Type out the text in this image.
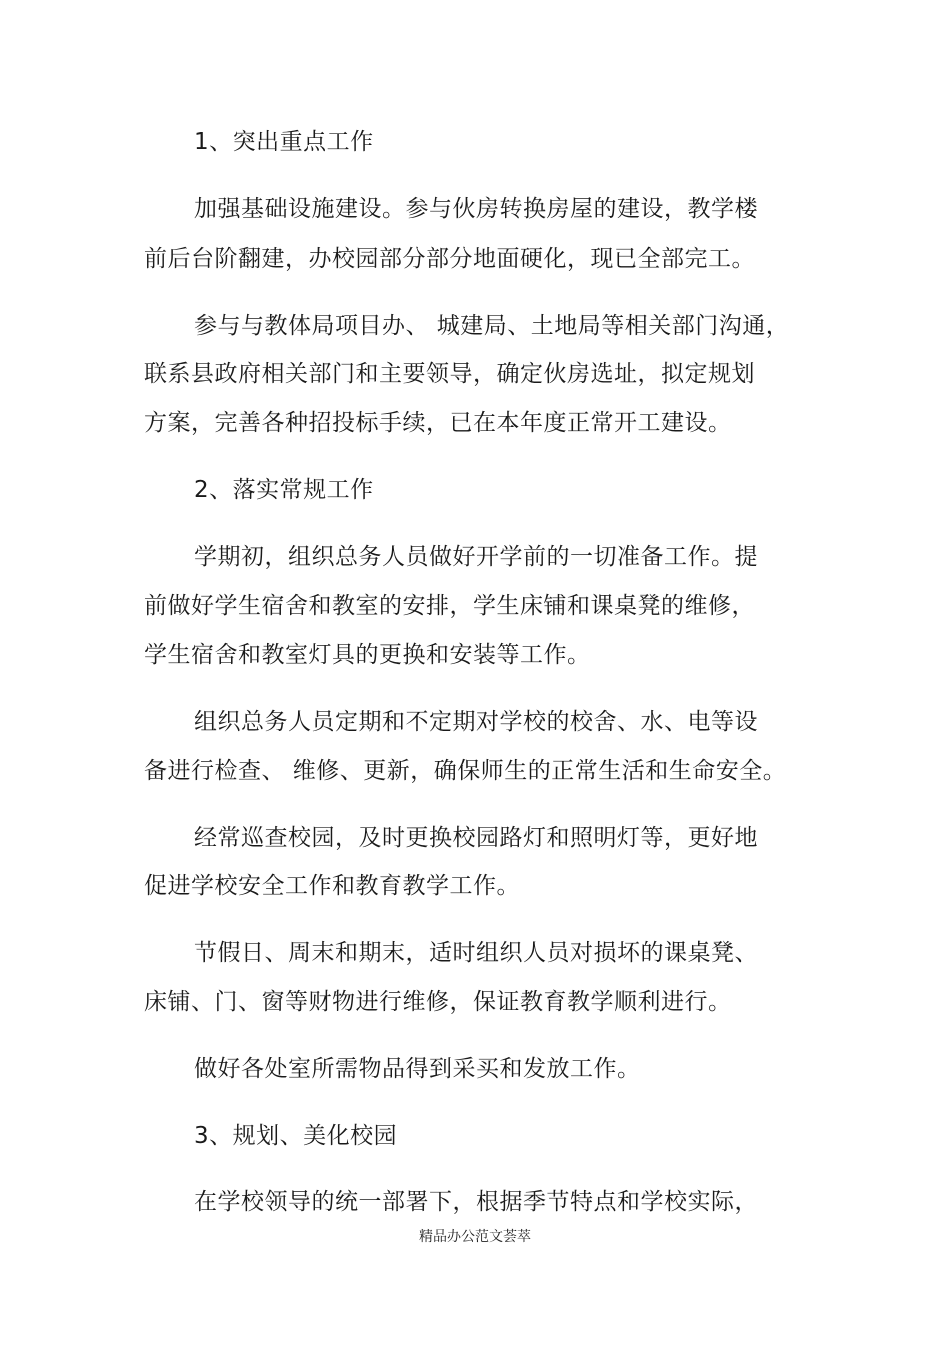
1、突出重点工作
加强基础设施建设。参与伙房转换房屋的建设，教学楼
前后台阶翻建，办校园部分部分地面硬化，现已全部完工。
参与与教体局项目办、 城建局、土地局等相关部门沟通，
联系县政府相关部门和主要领导，确定伙房选址，拟定规划
方案，完善各种招投标手续，已在本年度正常开工建设。
2、落实常规工作
学期初，组织总务人员做好开学前的一切准备工作。提
前做好学生宿舍和教室的安排，学生床铺和课桌凳的维修，
学生宿舍和教室灯具的更换和安装等工作。
组织总务人员定期和不定期对学校的校舍、水、电等设
备进行检查、 维修、更新，确保师生的正常生活和生命安全。
经常巡查校园，及时更换校园路灯和照明灯等，更好地
促进学校安全工作和教育教学工作。
节假日、周末和期末，适时组织人员对损坏的课桌凳、
床铺、门、窗等财物进行维修，保证教育教学顺利进行。
做好各处室所需物品得到采买和发放工作。
3、规划、美化校园
在学校领导的统一部署下，根据季节特点和学校实际，
精品办公范文荟萃
